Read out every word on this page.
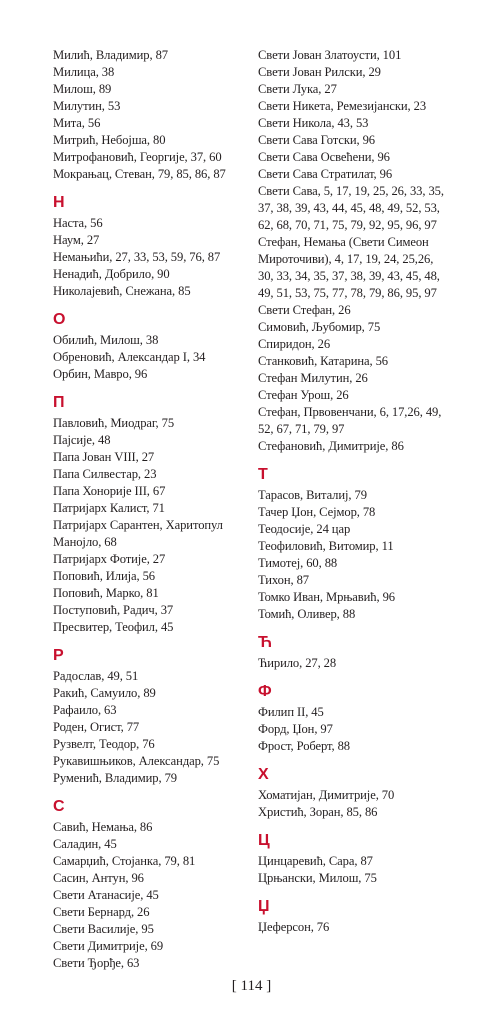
Милић, Владимир, 87
Милица, 38
Милош, 89
Милутин, 53
Мита, 56
Митрић, Небојша, 80
Митрофановић, Георгије, 37, 60
Мокрањац, Стеван, 79, 85, 86, 87
Н
Наста, 56
Наум, 27
Немањићи, 27, 33, 53, 59, 76, 87
Ненадић, Добрило, 90
Николајевић, Снежана, 85
О
Обилић, Милош, 38
Обреновић, Александар I, 34
Орбин, Мавро, 96
П
Павловић, Миодраг, 75
Пајсије, 48
Папа Јован VIII, 27
Папа Силвестар, 23
Папа Хонорије III, 67
Патријарх Калист, 71
Патријарх Сарантен, Харитопул
Манојло, 68
Патријарх Фотије, 27
Поповић, Илија, 56
Поповић, Марко, 81
Поступовић, Радич, 37
Пресвитер, Теофил, 45
Р
Радослав, 49, 51
Ракић, Самуило, 89
Рафаило, 63
Роден, Огист, 77
Рузвелт, Теодор, 76
Рукавишњиков, Александар, 75
Руменић, Владимир, 79
С
Савић, Немања, 86
Саладин, 45
Самарџић, Стојанка, 79, 81
Сасин, Антун, 96
Свети Атанасије, 45
Свети Бернард, 26
Свети Василије, 95
Свети Димитрије, 69
Свети Ђорђе, 63
Свети Јован Златоусти, 101
Свети Јован Рилски, 29
Свети Лука, 27
Свети Никета, Ремезијански, 23
Свети Никола, 43, 53
Свети Сава Готски, 96
Свети Сава Освећени, 96
Свети Сава Стратилат, 96
Свети Сава, 5, 17, 19, 25, 26, 33, 35,
37, 38, 39, 43, 44, 45, 48, 49, 52, 53,
62, 68, 70, 71, 75, 79, 92, 95, 96, 97
Стефан, Немања (Свети Симеон
Мироточиви), 4, 17, 19, 24, 25,26,
30, 33, 34, 35, 37, 38, 39, 43, 45, 48,
49, 51, 53, 75, 77, 78, 79, 86, 95, 97
Свети Стефан, 26
Симовић, Љубомир, 75
Спиридон, 26
Станковић, Катарина, 56
Стефан Милутин, 26
Стефан Урош, 26
Стефан, Првовенчани, 6, 17,26, 49,
52, 67, 71, 79, 97
Стефановић, Димитрије, 86
Т
Тарасов, Виталиј, 79
Тачер Џон, Сејмор, 78
Теодосије, 24 цар
Теофиловић, Витомир, 11
Тимотеј, 60, 88
Тихон, 87
Томко Иван, Мрњавић, 96
Томић, Оливер, 88
Ћ
Ћирило, 27, 28
Ф
Филип II, 45
Форд, Џон, 97
Фрост, Роберт, 88
Х
Хоматијан, Димитрије, 70
Христић, Зоран, 85, 86
Ц
Цинцаревић, Сара, 87
Црњански, Милош, 75
Џ
Џеферсон, 76
[ 114 ]
